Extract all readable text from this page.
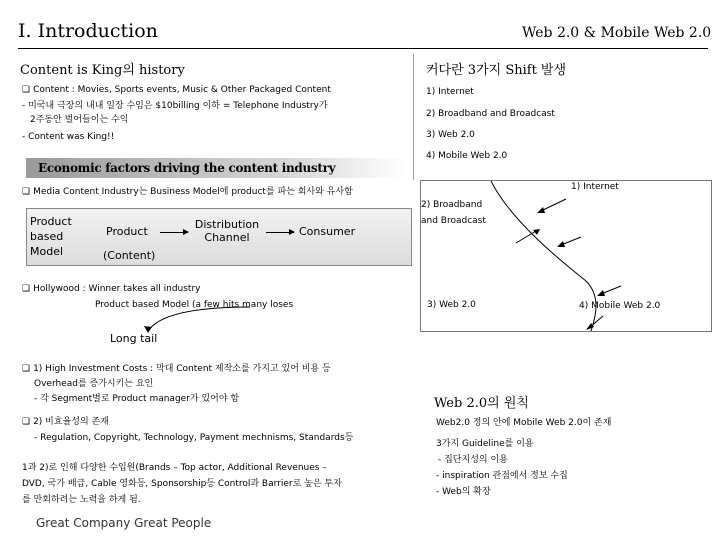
I. Introduction	Web 2.0 & Mobile Web 2.0
Content is King의 history
❏ Content : Movies, Sports events, Music & Other Packaged Content
- 미국내 극장의 내내 일장 수임은 $10billing 이하 = Telephone Industry가
2주동안 벌어들이는 수익
- Content was King!!
Economic factors driving the content industry
❏ Media Content Industry는 Business Model에 product를 파는 회사와 유사함
Product
based
Model
Product
(Content)
Distribution
Channel	Consumer
❏ Hollywood : Winner takes all industry
Product based Model (a few hits many loses
Long tail
❏ 1) High Investment Costs : 막대 Content 제작소를 가지고 있어 비용 등
Overhead를 증가시키는 요인
- 각 Segment별로 Product manager가 있어야 함
❏ 2) 비효율성의 존재
- Regulation, Copyright, Technology, Payment mechnisms, Standards등
1과 2)로 인해 다양한 수입원(Brands – Top actor, Additional Revenues –
DVD, 국가 배급, Cable 영화등, Sponsorship등 Control과 Barrier로 높은 투자
를 만회하려는 노력을 하게 됨.
Great Company Great People
커다란 3가지 Shift 발생
1) Internet
2) Broadband and Broadcast
3) Web 2.0
4) Mobile Web 2.0
1) Internet
2) Broadband
and Broadcast
3) Web 2.0	4) Mobile Web 2.0
Web 2.0의 원칙
Web2.0 정의 안에 Mobile Web 2.0이 존재
3가지 Guideline를 이용
- 집단지성의 이용
- inspiration 관점에서 정보 수집
- Web의 확장
